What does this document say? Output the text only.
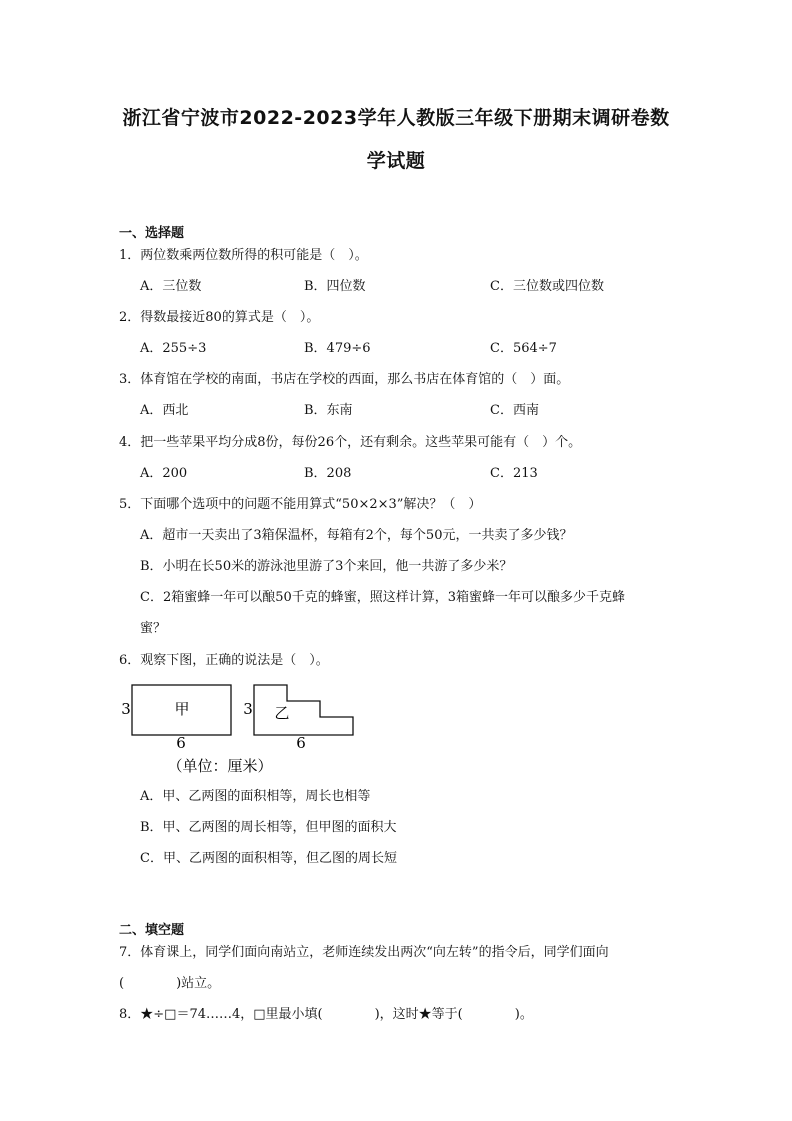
浙江省宁波市2022-2023学年人教版三年级下册期末调研卷数
学试题
一、选择题
1．两位数乘两位数所得的积可能是（　）。
A．三位数	B．四位数	C．三位数或四位数
2．得数最接近80的算式是（　）。
A．255÷3	B．479÷6	C．564÷7
3．体育馆在学校的南面，书店在学校的西面，那么书店在体育馆的（　）面。
A．西北	B．东南	C．西南
4．把一些苹果平均分成8份，每份26个，还有剩余。这些苹果可能有（　）个。
A．200	B．208	C．213
5．下面哪个选项中的问题不能用算式“50×2×3”解决？（　）
A．超市一天卖出了3箱保温杯，每箱有2个，每个50元，一共卖了多少钱？
B．小明在长50米的游泳池里游了3个来回，他一共游了多少米？
C．2箱蜜蜂一年可以酿50千克的蜂蜜，照这样计算，3箱蜜蜂一年可以酿多少千克蜂
蜜？
6．观察下图，正确的说法是（　）。
甲
3
6
乙
3
6
（单位：厘米）
A．甲、乙两图的面积相等，周长也相等
B．甲、乙两图的周长相等，但甲图的面积大
C．甲、乙两图的面积相等，但乙图的周长短
二、填空题
7．体育课上，同学们面向南站立，老师连续发出两次“向左转”的指令后，同学们面向
(　　　　)站立。
8．★÷□＝74……4，□里最小填(　　　　)，这时★等于(　　　　)。
